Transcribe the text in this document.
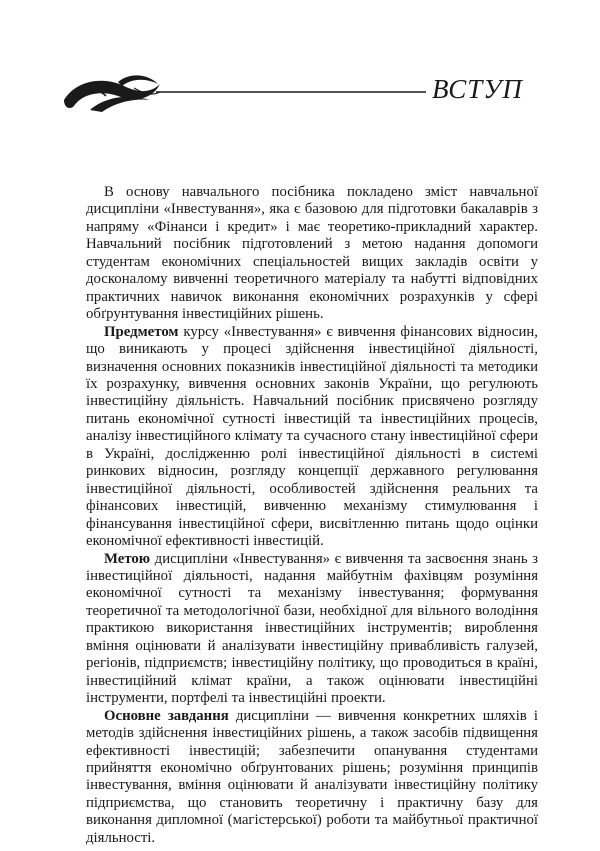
ВСТУП

В основу навчального посібника покладено зміст навчальної дисципліни «Інвестування», яка є базовою для підготовки бакалаврів з напряму «Фінанси і кредит» і має теоретико-прикладний характер. Навчальний посібник підготовлений з метою надання допомоги студентам економічних спеціальностей вищих закладів освіти у досконалому вивченні теоретичного матеріалу та набутті відповідних практичних навичок виконання економічних розрахунків у сфері обґрунтування інвестиційних рішень.

Предметом курсу «Інвестування» є вивчення фінансових відносин, що виникають у процесі здійснення інвестиційної діяльності, визначення основних показників інвестиційної діяльності та методики їх розрахунку, вивчення основних законів України, що регулюють інвестиційну діяльність. Навчальний посібник присвячено розгляду питань економічної сутності інвестицій та інвестиційних процесів, аналізу інвестиційного клімату та сучасного стану інвестиційної сфери в Україні, дослідженню ролі інвестиційної діяльності в системі ринкових відносин, розгляду концепції державного регулювання інвестиційної діяльності, особливостей здійснення реальних та фінансових інвестицій, вивченню механізму стимулювання і фінансування інвестиційної сфери, висвітленню питань щодо оцінки економічної ефективності інвестицій.

Метою дисципліни «Інвестування» є вивчення та засвоєння знань з інвестиційної діяльності, надання майбутнім фахівцям розуміння економічної сутності та механізму інвестування; формування теоретичної та методологічної бази, необхідної для вільного володіння практикою використання інвестиційних інструментів; вироблення вміння оцінювати й аналізувати інвестиційну привабливість галузей, регіонів, підприємств; інвестиційну політику, що проводиться в країні, інвестиційний клімат країни, а також оцінювати інвестиційні інструменти, портфелі та інвестиційні проекти.

Основне завдання дисципліни — вивчення конкретних шляхів і методів здійснення інвестиційних рішень, а також засобів підвищення ефективності інвестицій; забезпечити опанування студентами прийняття економічно обґрунтованих рішень; розуміння принципів інвестування, вміння оцінювати й аналізувати інвестиційну політику підприємства, що становить теоретичну і практичну базу для виконання дипломної (магістерської) роботи та майбутньої практичної діяльності.
